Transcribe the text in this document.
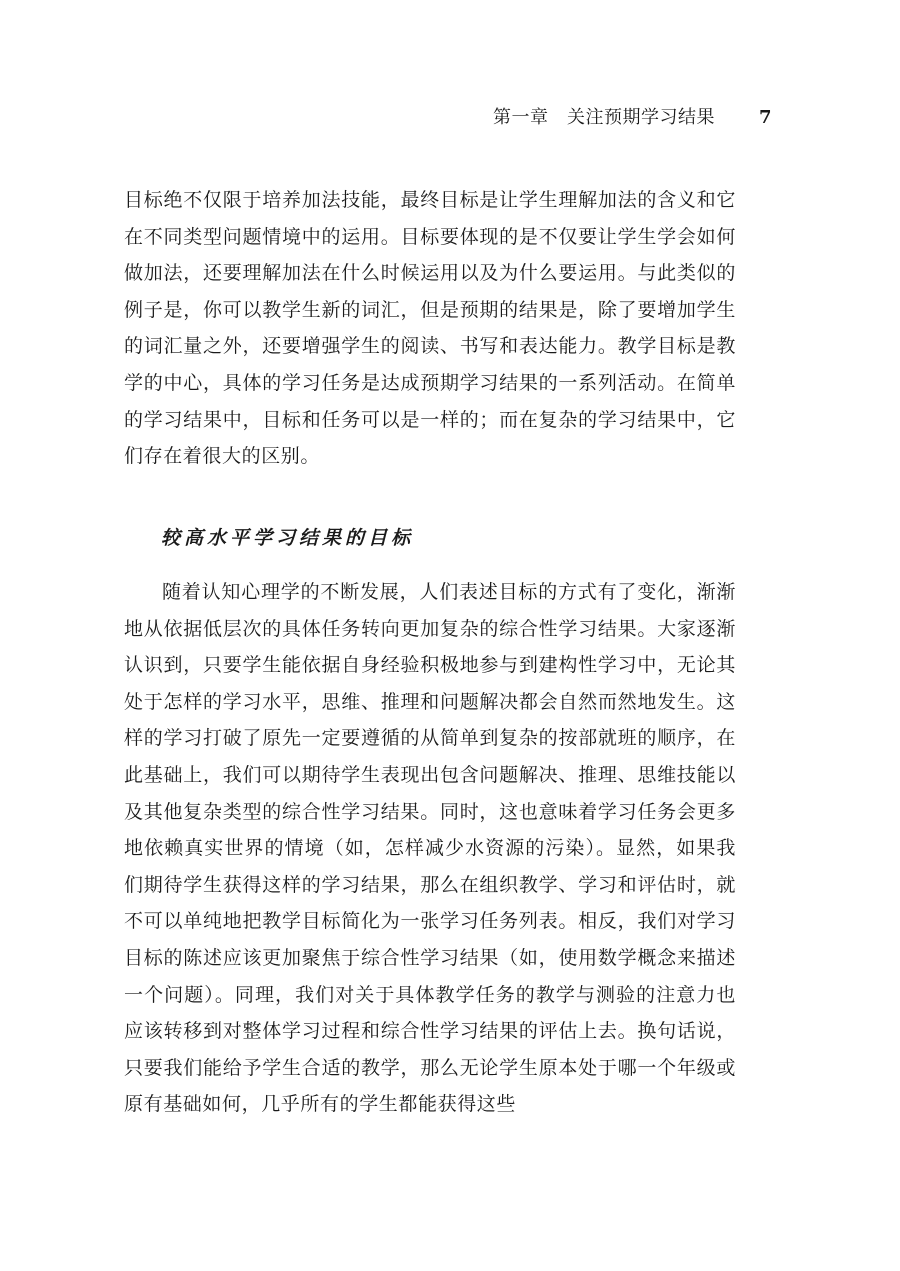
第一章　关注预期学习结果 7

目标绝不仅限于培养加法技能，最终目标是让学生理解加法的含义和它在不同类型问题情境中的运用。目标要体现的是不仅要让学生学会如何做加法，还要理解加法在什么时候运用以及为什么要运用。与此类似的例子是，你可以教学生新的词汇，但是预期的结果是，除了要增加学生的词汇量之外，还要增强学生的阅读、书写和表达能力。教学目标是教学的中心，具体的学习任务是达成预期学习结果的一系列活动。在简单的学习结果中，目标和任务可以是一样的；而在复杂的学习结果中，它们存在着很大的区别。

较高水平学习结果的目标

随着认知心理学的不断发展，人们表述目标的方式有了变化，渐渐地从依据低层次的具体任务转向更加复杂的综合性学习结果。大家逐渐认识到，只要学生能依据自身经验积极地参与到建构性学习中，无论其处于怎样的学习水平，思维、推理和问题解决都会自然而然地发生。这样的学习打破了原先一定要遵循的从简单到复杂的按部就班的顺序，在此基础上，我们可以期待学生表现出包含问题解决、推理、思维技能以及其他复杂类型的综合性学习结果。同时，这也意味着学习任务会更多地依赖真实世界的情境（如，怎样减少水资源的污染）。显然，如果我们期待学生获得这样的学习结果，那么在组织教学、学习和评估时，就不可以单纯地把教学目标简化为一张学习任务列表。相反，我们对学习目标的陈述应该更加聚焦于综合性学习结果（如，使用数学概念来描述一个问题）。同理，我们对关于具体教学任务的教学与测验的注意力也应该转移到对整体学习过程和综合性学习结果的评估上去。换句话说，只要我们能给予学生合适的教学，那么无论学生原本处于哪一个年级或原有基础如何，几乎所有的学生都能获得这些
